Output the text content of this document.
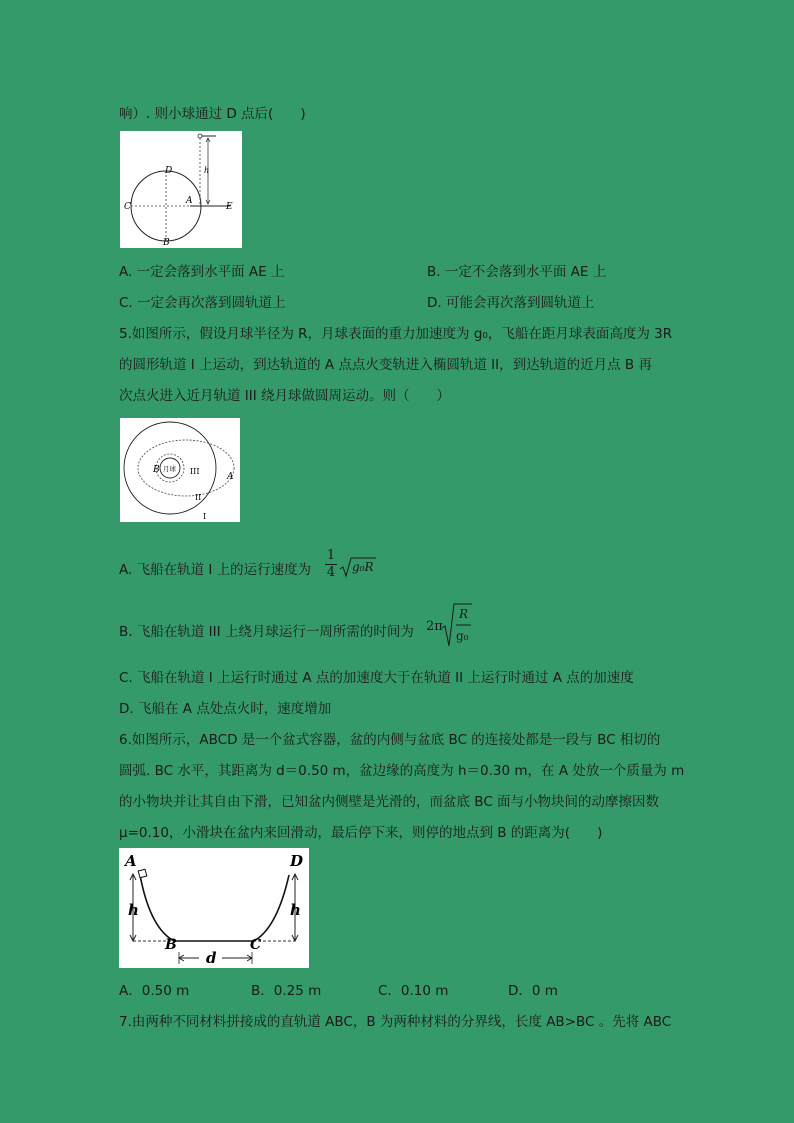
响）. 则小球通过 D 点后(　　)
D
C
B
A
E
h
A. 一定会落到水平面 AE 上	B. 一定不会落到水平面 AE 上
C. 一定会再次落到圆轨道上	D. 可能会再次落到圆轨道上
5.如图所示，假设月球半径为 R，月球表面的重力加速度为 g₀，飞船在距月球表面高度为 3R
的圆形轨道 I 上运动，到达轨道的 A 点点火变轨进入椭圆轨道 II，到达轨道的近月点 B 再
次点火进入近月轨道 III 绕月球做圆周运动。则（　　）
B 月球 III
A
II
I
A. 飞船在轨道 I 上的运行速度为
1
4 g₀R
B. 飞船在轨道 III 上绕月球运行一周所需的时间为 2π
R
g₀
C. 飞船在轨道 I 上运行时通过 A 点的加速度大于在轨道 II 上运行时通过 A 点的加速度
D. 飞船在 A 点处点火时，速度增加
6.如图所示，ABCD 是一个盆式容器，盆的内侧与盆底 BC 的连接处都是一段与 BC 相切的
圆弧. BC 水平，其距离为 d＝0.50 m，盆边缘的高度为 h＝0.30 m，在 A 处放一个质量为 m
的小物块并让其自由下滑，已知盆内侧壁是光滑的，而盆底 BC 面与小物块间的动摩擦因数
μ=0.10，小滑块在盆内来回滑动，最后停下来，则停的地点到 B 的距离为(　　)
A	D
h	h
B	C
d
A．0.50 m	B．0.25 m	C．0.10 m	D．0 m
7.由两种不同材料拼接成的直轨道 ABC，B 为两种材料的分界线，长度 AB>BC 。先将 ABC
